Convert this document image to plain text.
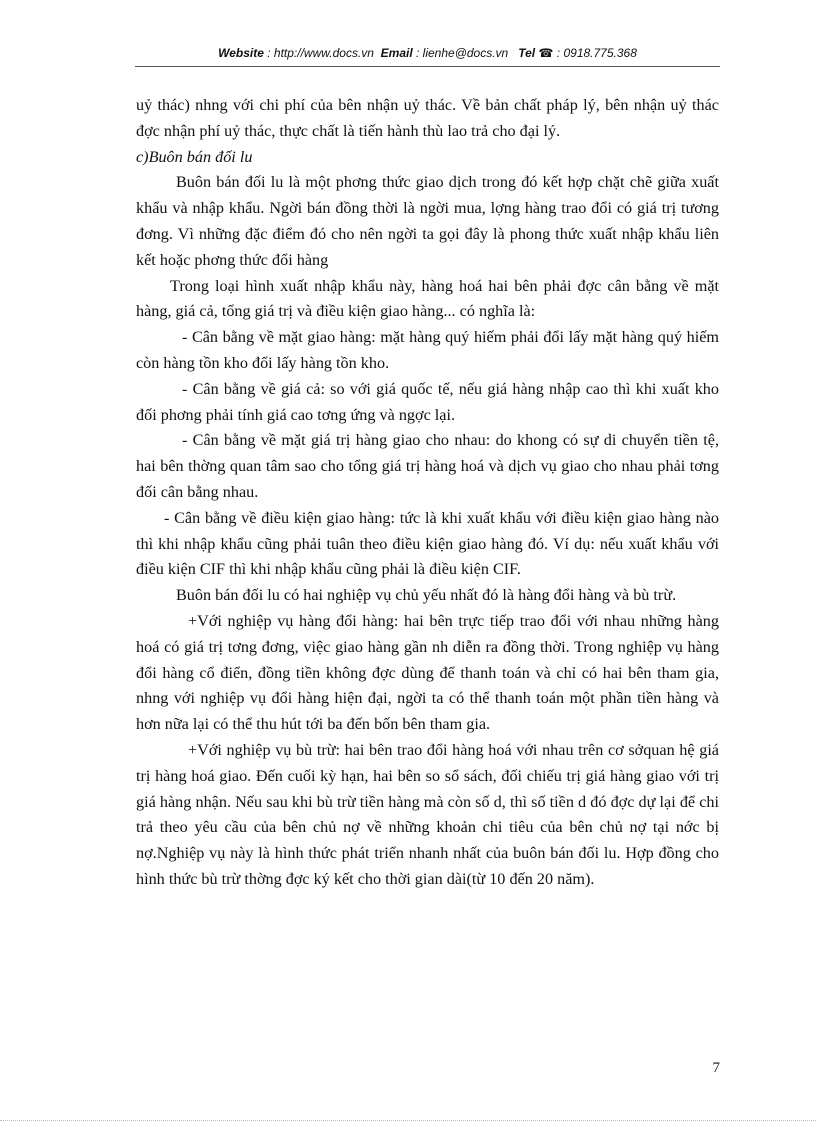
Website : http://www.docs.vn Email : lienhe@docs.vn Tel ☎ : 0918.775.368

uỷ thác) nhng với chi phí của bên nhận uỷ thác. Về bản chất pháp lý, bên nhận uỷ thác đợc nhận phí uỷ thác, thực chất là tiến hành thù lao trả cho đại lý.

c)Buôn bán đối lu

Buôn bán đối lu là một phơng thức giao dịch trong đó kết hợp chặt chẽ giữa xuất khẩu và nhập khẩu. Ngời bán đồng thời là ngời mua, lợng hàng trao đổi có giá trị tương đơng. Vì những đặc điểm đó cho nên ngời ta gọi đây là phong thức xuất nhập khẩu liên kết hoặc phơng thức đổi hàng

Trong loại hình xuất nhập khẩu này, hàng hoá hai bên phải đợc cân bằng về mặt hàng, giá cả, tổng giá trị và điều kiện giao hàng... có nghĩa là:

- Cân bằng về mặt giao hàng: mặt hàng quý hiếm phải đổi lấy mặt hàng quý hiếm còn hàng tồn kho đổi lấy hàng tồn kho.

- Cân bằng về giá cả: so với giá quốc tế, nếu giá hàng nhập cao thì khi xuất kho đối phơng phải tính giá cao tơng ứng và ngợc lại.

- Cân bằng về mặt giá trị hàng giao cho nhau: do khong có sự di chuyển tiền tệ, hai bên thờng quan tâm sao cho tổng giá trị hàng hoá và dịch vụ giao cho nhau phải tơng đối cân bằng nhau.

- Cân bằng về điều kiện giao hàng: tức là khi xuất khẩu với điều kiện giao hàng nào thì khi nhập khẩu cũng phải tuân theo điều kiện giao hàng đó. Ví dụ: nếu xuất khẩu với điều kiện CIF thì khi nhập khẩu cũng phải là điều kiện CIF.

Buôn bán đối lu có hai nghiệp vụ chủ yếu nhất đó là hàng đổi hàng và bù trừ.

+Với nghiệp vụ hàng đổi hàng: hai bên trực tiếp trao đổi với nhau những hàng hoá có giá trị tơng đơng, việc giao hàng gần nh diễn ra đồng thời. Trong nghiệp vụ hàng đổi hàng cổ điển, đồng tiền không đợc dùng để thanh toán và chỉ có hai bên tham gia, nhng với nghiệp vụ đổi hàng hiện đại, ngời ta có thể thanh toán một phần tiền hàng và hơn nữa lại có thể thu hút tới ba đến bốn bên tham gia.

+Với nghiệp vụ bù trừ: hai bên trao đổi hàng hoá với nhau trên cơ sởquan hệ giá trị hàng hoá giao. Đến cuối kỳ hạn, hai bên so sổ sách, đối chiếu trị giá hàng giao với trị giá hàng nhận. Nếu sau khi bù trừ tiền hàng mà còn số d, thì số tiền d đó đợc dự lại để chi trả theo yêu cầu của bên chủ nợ về những khoản chi tiêu của bên chủ nợ tại nớc bị nợ.Nghiệp vụ này là hình thức phát triển nhanh nhất của buôn bán đối lu. Hợp đồng cho hình thức bù trừ thờng đợc ký kết cho thời gian dài(từ 10 đến 20 năm).

7
